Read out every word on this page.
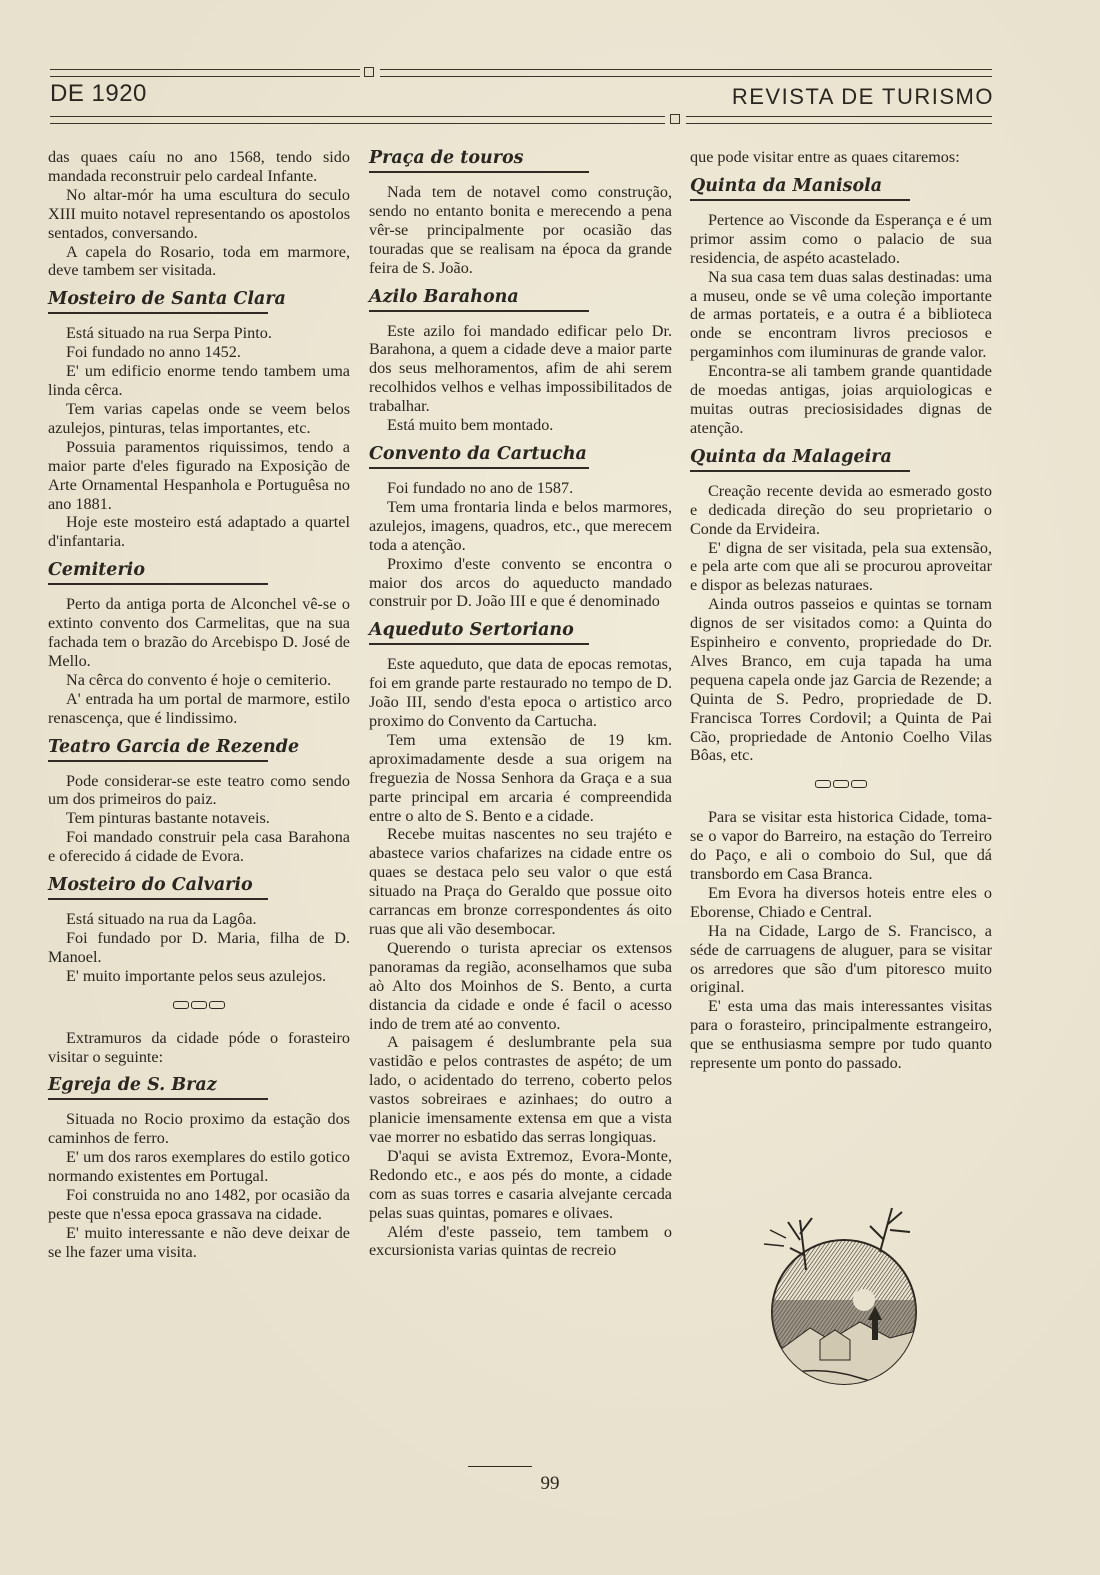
DE 1920	REVISTA DE TURISMO

das quaes caíu no ano 1568, tendo sido mandada reconstruir pelo cardeal Infante.

No altar-mór ha uma escultura do seculo XIII muito notavel representando os apostolos sentados, conversando.

A capela do Rosario, toda em marmore, deve tambem ser visitada.

Mosteiro de Santa Clara

Está situado na rua Serpa Pinto.

Foi fundado no anno 1452.

E' um edificio enorme tendo tambem uma linda cêrca.

Tem varias capelas onde se veem belos azulejos, pinturas, telas importantes, etc.

Possuia paramentos riquissimos, tendo a maior parte d'eles figurado na Exposição de Arte Ornamental Hespanhola e Portuguêsa no ano 1881.

Hoje este mosteiro está adaptado a quartel d'infantaria.

Cemiterio

Perto da antiga porta de Alconchel vê-se o extinto convento dos Carmelitas, que na sua fachada tem o brazão do Arcebispo D. José de Mello.

Na cêrca do convento é hoje o cemiterio.

A' entrada ha um portal de marmore, estilo renascença, que é lindissimo.

Teatro Garcia de Rezende

Pode considerar-se este teatro como sendo um dos primeiros do paiz.

Tem pinturas bastante notaveis.

Foi mandado construir pela casa Barahona e oferecido á cidade de Evora.

Mosteiro do Calvario

Está situado na rua da Lagôa.

Foi fundado por D. Maria, filha de D. Manoel.

E' muito importante pelos seus azulejos.

Extramuros da cidade póde o forasteiro visitar o seguinte:

Egreja de S. Braz

Situada no Rocio proximo da estação dos caminhos de ferro.

E' um dos raros exemplares do estilo gotico normando existentes em Portugal.

Foi construida no ano 1482, por ocasião da peste que n'essa epoca grassava na cidade.

E' muito interessante e não deve deixar de se lhe fazer uma visita.

Praça de touros

Nada tem de notavel como construção, sendo no entanto bonita e merecendo a pena vêr-se principalmente por ocasião das touradas que se realisam na época da grande feira de S. João.

Azilo Barahona

Este azilo foi mandado edificar pelo Dr. Barahona, a quem a cidade deve a maior parte dos seus melhoramentos, afim de ahi serem recolhidos velhos e velhas impossibilitados de trabalhar.

Está muito bem montado.

Convento da Cartucha

Foi fundado no ano de 1587.

Tem uma frontaria linda e belos marmores, azulejos, imagens, quadros, etc., que merecem toda a atenção.

Proximo d'este convento se encontra o maior dos arcos do aqueducto mandado construir por D. João III e que é denominado

Aqueduto Sertoriano

Este aqueduto, que data de epocas remotas, foi em grande parte restaurado no tempo de D. João III, sendo d'esta epoca o artistico arco proximo do Convento da Cartucha.

Tem uma extensão de 19 km. aproximadamente desde a sua origem na freguezia de Nossa Senhora da Graça e a sua parte principal em arcaria é compreendida entre o alto de S. Bento e a cidade.

Recebe muitas nascentes no seu trajéto e abastece varios chafarizes na cidade entre os quaes se destaca pelo seu valor o que está situado na Praça do Geraldo que possue oito carrancas em bronze correspondentes ás oito ruas que ali vão desembocar.

Querendo o turista apreciar os extensos panoramas da região, aconselhamos que suba aò Alto dos Moinhos de S. Bento, a curta distancia da cidade e onde é facil o acesso indo de trem até ao convento.

A paisagem é deslumbrante pela sua vastidão e pelos contrastes de aspéto; de um lado, o acidentado do terreno, coberto pelos vastos sobreiraes e azinhaes; do outro a planicie imensamente extensa em que a vista vae morrer no esbatido das serras longiquas.

D'aqui se avista Extremoz, Evora-Monte, Redondo etc., e aos pés do monte, a cidade com as suas torres e casaria alvejante cercada pelas suas quintas, pomares e olivaes.

Além d'este passeio, tem tambem o excursionista varias quintas de recreio

que pode visitar entre as quaes citaremos:

Quinta da Manisola

Pertence ao Visconde da Esperança e é um primor assim como o palacio de sua residencia, de aspéto acastelado.

Na sua casa tem duas salas destinadas: uma a museu, onde se vê uma coleção importante de armas portateis, e a outra é a biblioteca onde se encontram livros preciosos e pergaminhos com iluminuras de grande valor.

Encontra-se ali tambem grande quantidade de moedas antigas, joias arquiologicas e muitas outras preciosisidades dignas de atenção.

Quinta da Malageira

Creação recente devida ao esmerado gosto e dedicada direção do seu proprietario o Conde da Ervideira.

E' digna de ser visitada, pela sua extensão, e pela arte com que ali se procurou aproveitar e dispor as belezas naturaes.

Ainda outros passeios e quintas se tornam dignos de ser visitados como: a Quinta do Espinheiro e convento, propriedade do Dr. Alves Branco, em cuja tapada ha uma pequena capela onde jaz Garcia de Rezende; a Quinta de S. Pedro, propriedade de D. Francisca Torres Cordovil; a Quinta de Pai Cão, propriedade de Antonio Coelho Vilas Bôas, etc.

Para se visitar esta historica Cidade, toma-se o vapor do Barreiro, na estação do Terreiro do Paço, e ali o comboio do Sul, que dá transbordo em Casa Branca.

Em Evora ha diversos hoteis entre eles o Eborense, Chiado e Central.

Ha na Cidade, Largo de S. Francisco, a séde de carruagens de aluguer, para se visitar os arredores que são d'um pitoresco muito original.

E' esta uma das mais interessantes visitas para o forasteiro, principalmente estrangeiro, que se enthusiasma sempre por tudo quanto represente um ponto do passado.

99
